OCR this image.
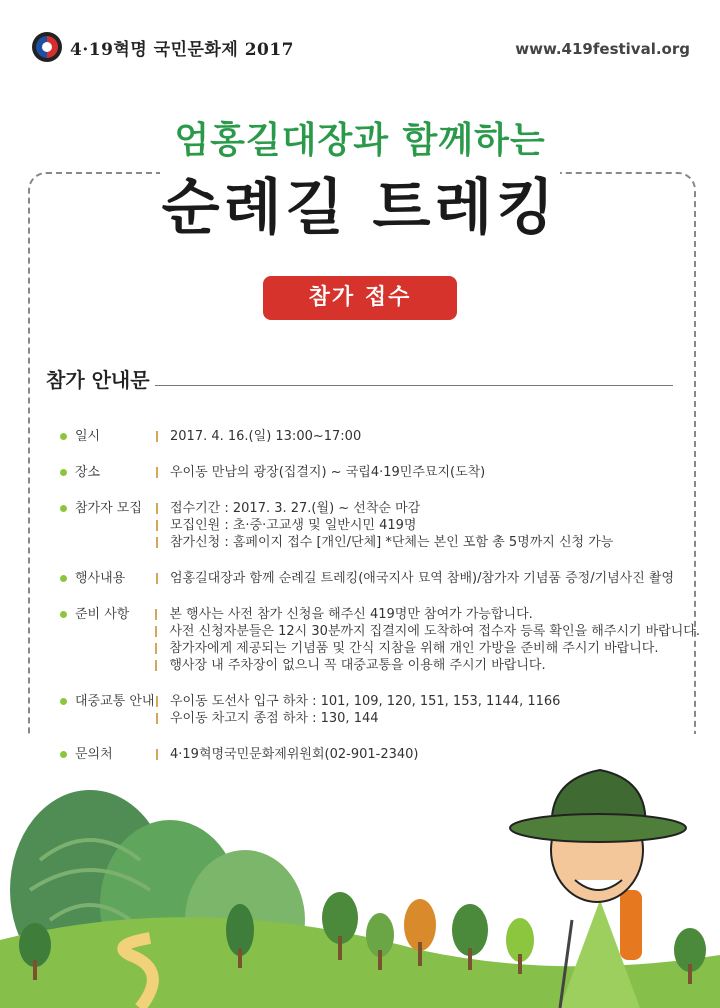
4·19혁명 국민문화제 2017	www.419festival.org
엄홍길대장과 함께하는
순례길 트레킹
참가 접수
참가 안내문
일시	2017. 4. 16.(일) 13:00~17:00
장소	우이동 만남의 광장(집결지) ~ 국립4·19민주묘지(도착)
참가자 모집	접수기간 : 2017. 3. 27.(월) ~ 선착순 마감
모집인원 : 초·중·고교생 및 일반시민 419명
참가신청 : 홈페이지 접수 [개인/단체] *단체는 본인 포함 총 5명까지 신청 가능
행사내용	엄홍길대장과 함께 순례길 트레킹(애국지사 묘역 참배)/참가자 기념품 증정/기념사진 촬영
준비 사항	본 행사는 사전 참가 신청을 해주신 419명만 참여가 가능합니다.
사전 신청자분들은 12시 30분까지 집결지에 도착하여 접수자 등록 확인을 해주시기 바랍니다.
참가자에게 제공되는 기념품 및 간식 지참을 위해 개인 가방을 준비해 주시기 바랍니다.
행사장 내 주차장이 없으니 꼭 대중교통을 이용해 주시기 바랍니다.
대중교통 안내	우이동 도선사 입구 하차 : 101, 109, 120, 151, 153, 1144, 1166
우이동 차고지 종점 하차 : 130, 144
문의처	4·19혁명국민문화제위원회(02-901-2340)
